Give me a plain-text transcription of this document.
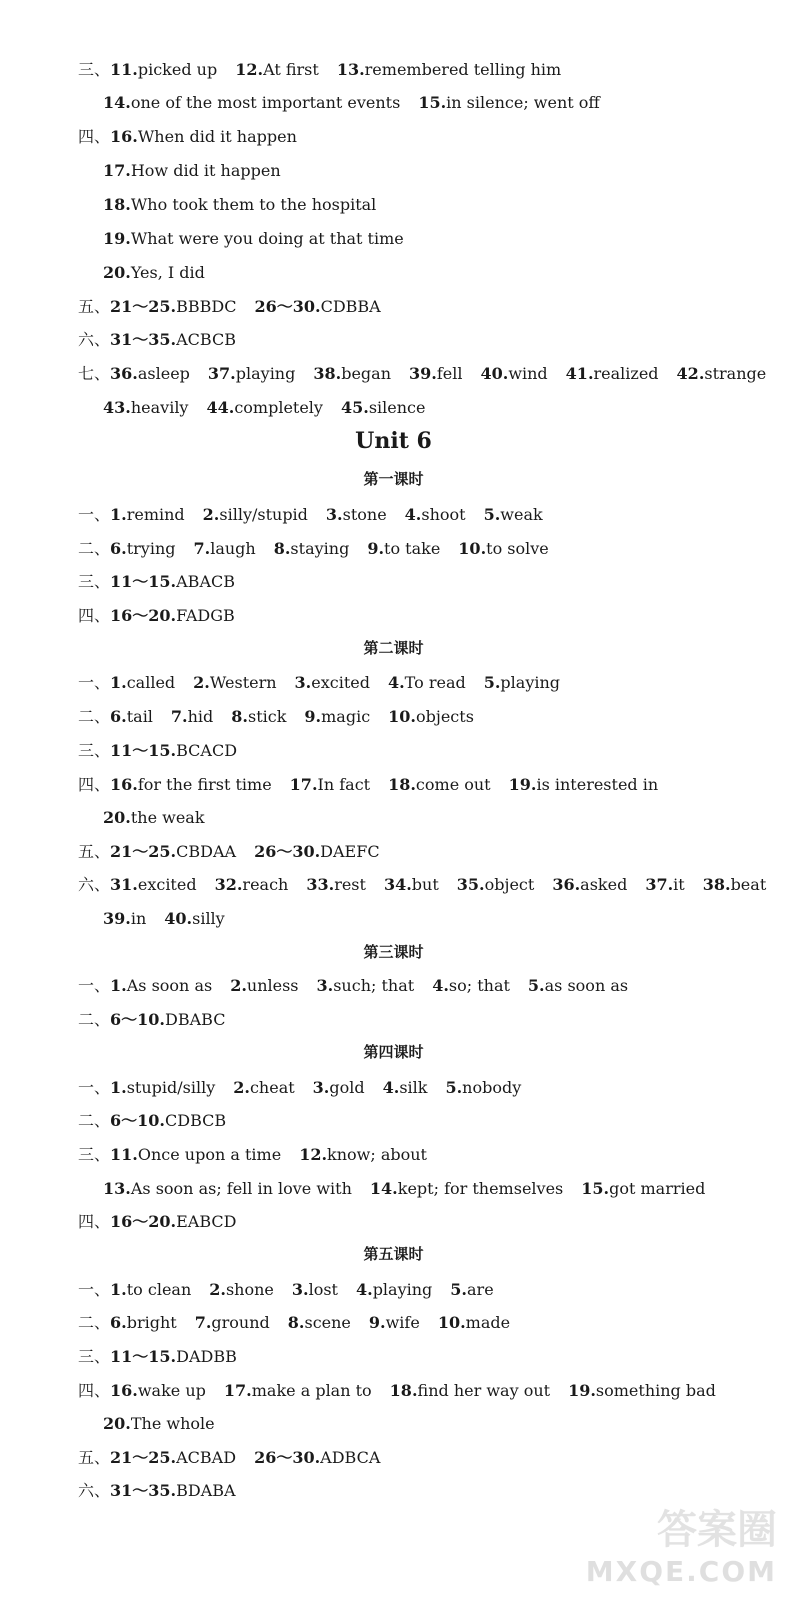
三、11.picked up 12.At first 13.remembered telling him
14.one of the most important events 15.in silence; went off
四、16.When did it happen
17.How did it happen
18.Who took them to the hospital
19.What were you doing at that time
20.Yes, I did
五、21～25.BBBDC 26～30.CDBBA
六、31～35.ACBCB
七、36.asleep 37.playing 38.began 39.fell 40.wind 41.realized 42.strange
43.heavily 44.completely 45.silence
Unit 6
第一课时
一、1.remind 2.silly/stupid 3.stone 4.shoot 5.weak
二、6.trying 7.laugh 8.staying 9.to take 10.to solve
三、11～15.ABACB
四、16～20.FADGB
第二课时
一、1.called 2.Western 3.excited 4.To read 5.playing
二、6.tail 7.hid 8.stick 9.magic 10.objects
三、11～15.BCACD
四、16.for the first time 17.In fact 18.come out 19.is interested in
20.the weak
五、21～25.CBDAA 26～30.DAEFC
六、31.excited 32.reach 33.rest 34.but 35.object 36.asked 37.it 38.beat
39.in 40.silly
第三课时
一、1.As soon as 2.unless 3.such; that 4.so; that 5.as soon as
二、6～10.DBABC
第四课时
一、1.stupid/silly 2.cheat 3.gold 4.silk 5.nobody
二、6～10.CDBCB
三、11.Once upon a time 12.know; about
13.As soon as; fell in love with 14.kept; for themselves 15.got married
四、16～20.EABCD
第五课时
一、1.to clean 2.shone 3.lost 4.playing 5.are
二、6.bright 7.ground 8.scene 9.wife 10.made
三、11～15.DADBB
四、16.wake up 17.make a plan to 18.find her way out 19.something bad
20.The whole
五、21～25.ACBAD 26～30.ADBCA
六、31～35.BDABA
答案圈
MXQE.COM
